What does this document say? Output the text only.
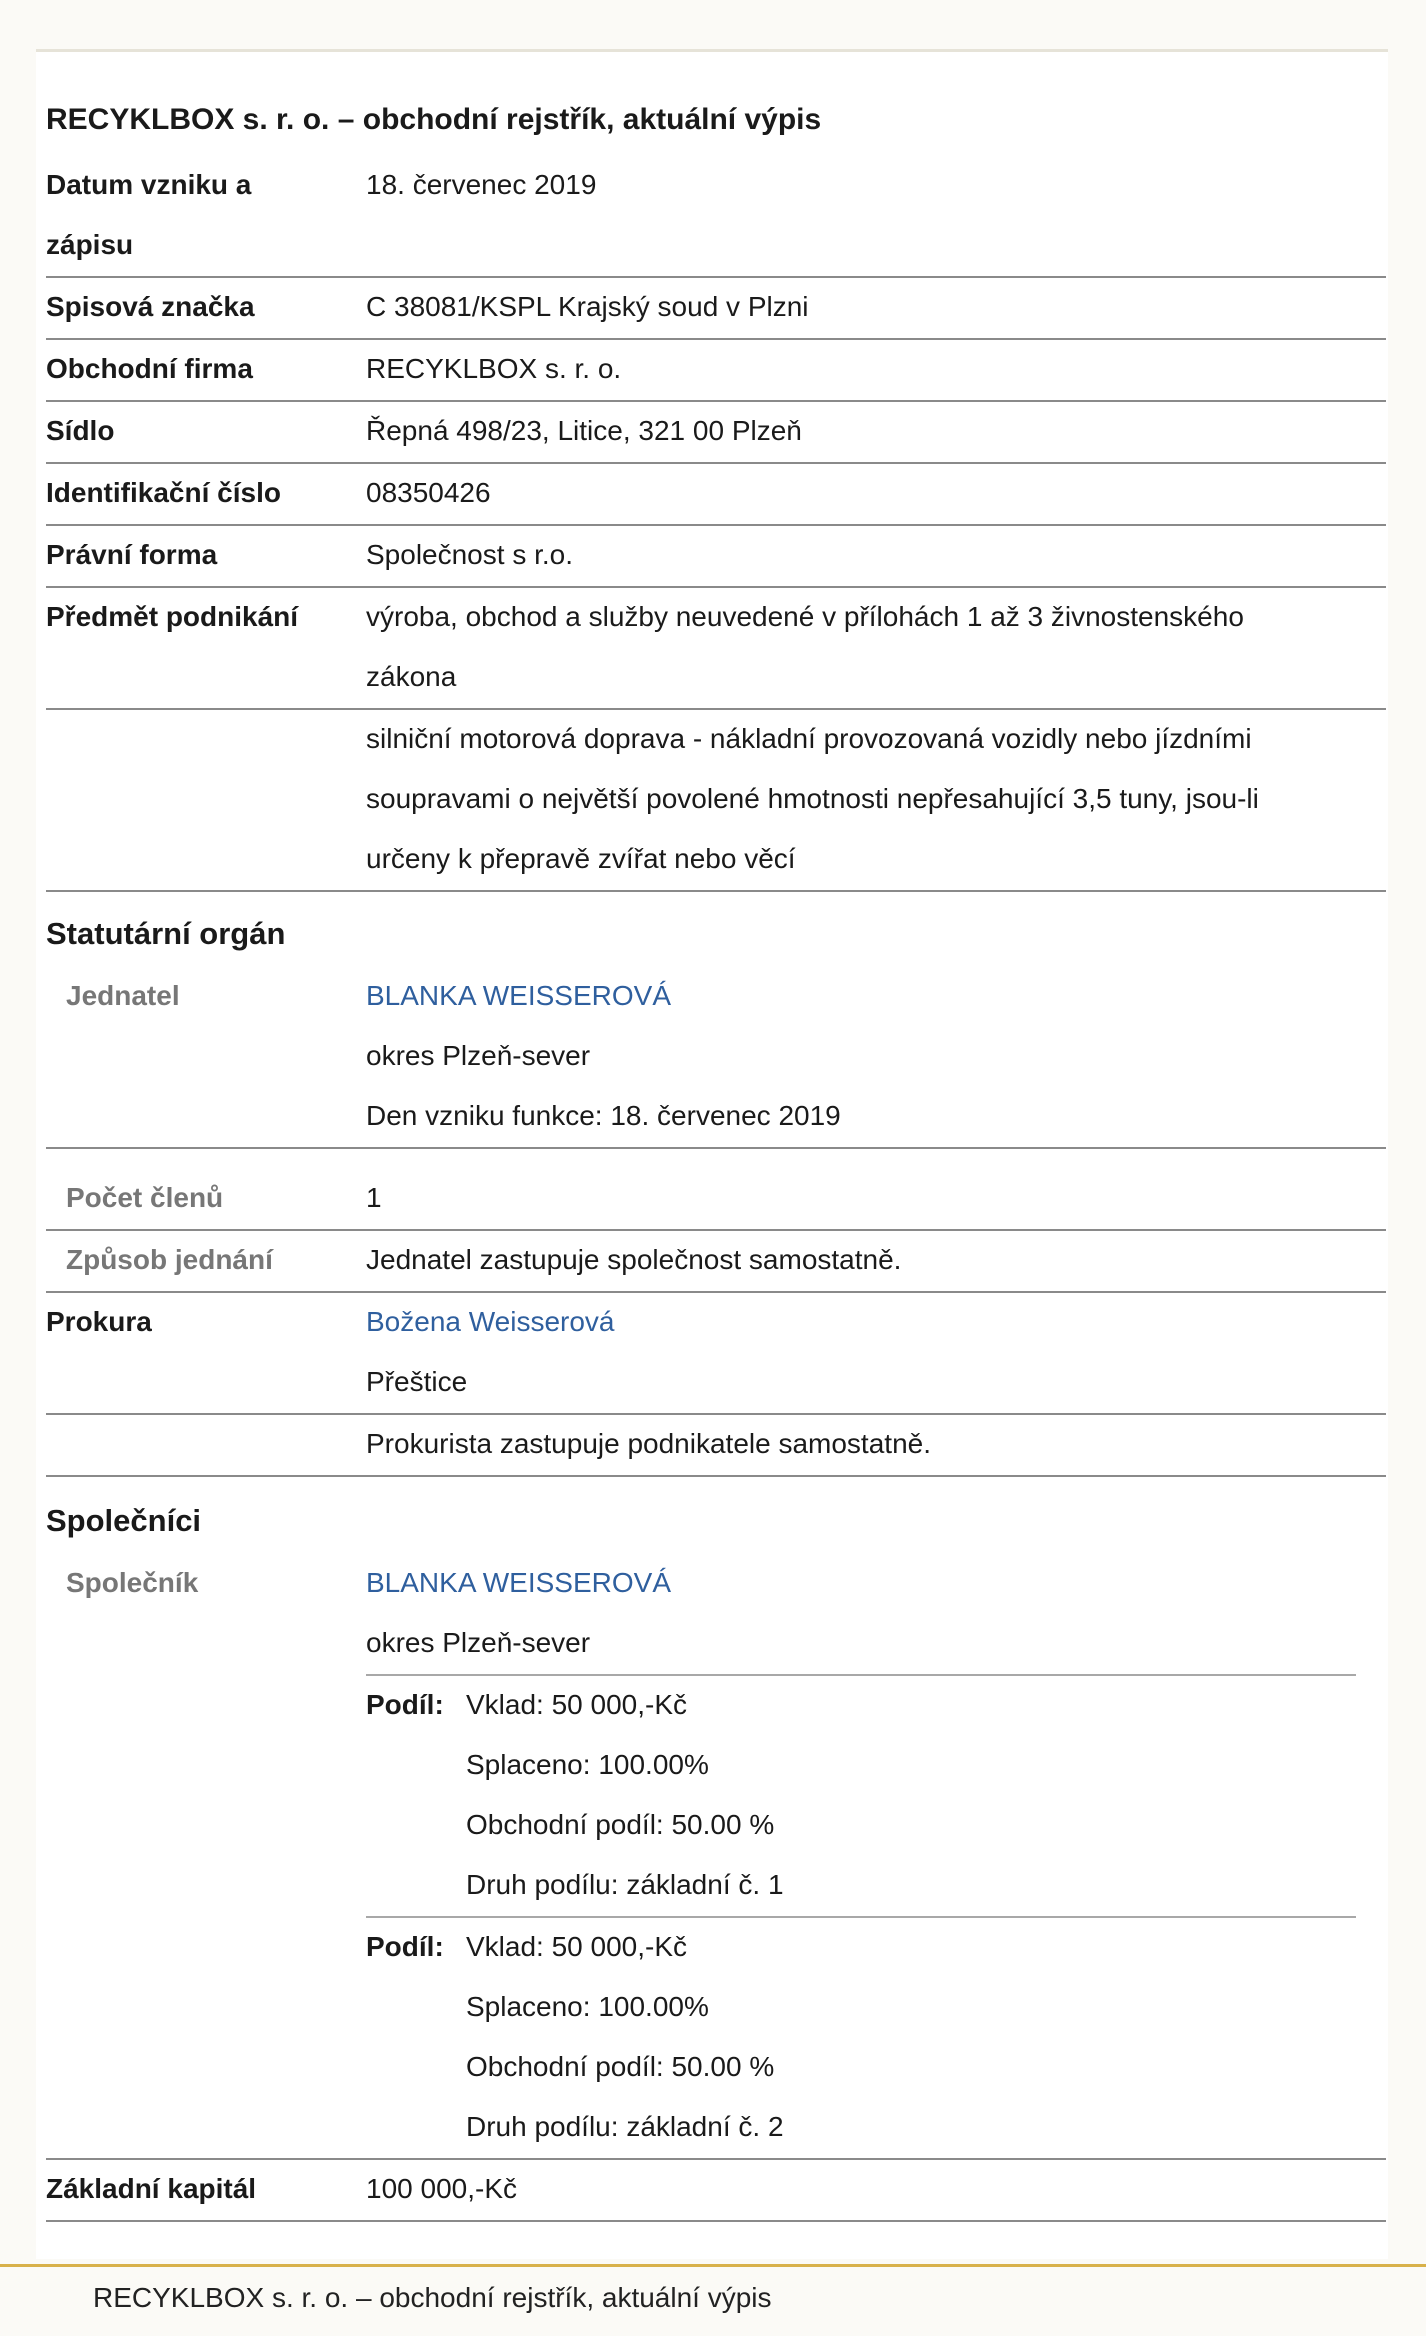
RECYKLBOX s. r. o. – obchodní rejstřík, aktuální výpis
Datum vzniku a
zápisu
18. červenec 2019
Spisová značka	C 38081/KSPL Krajský soud v Plzni
Obchodní firma	RECYKLBOX s. r. o.
Sídlo	Řepná 498/23, Litice, 321 00 Plzeň
Identifikační číslo	08350426
Právní forma	Společnost s r.o.
Předmět podnikání výroba, obchod a služby neuvedené v přílohách 1 až 3 živnostenského
zákona
silniční motorová doprava - nákladní provozovaná vozidly nebo jízdními
soupravami o největší povolené hmotnosti nepřesahující 3,5 tuny, jsou-li
určeny k přepravě zvířat nebo věcí
Statutární orgán
Jednatel	BLANKA WEISSEROVÁ
okres Plzeň-sever
Den vzniku funkce: 18. červenec 2019
Počet členů	1
Způsob jednání	Jednatel zastupuje společnost samostatně.
Prokura	Božena Weisserová
Přeštice
Prokurista zastupuje podnikatele samostatně.
Společníci
Společník	BLANKA WEISSEROVÁ
okres Plzeň-sever
Podíl: Vklad: 50 000,-Kč
Splaceno: 100.00%
Obchodní podíl: 50.00 %
Druh podílu: základní č. 1
Podíl: Vklad: 50 000,-Kč
Splaceno: 100.00%
Obchodní podíl: 50.00 %
Druh podílu: základní č. 2
Základní kapitál	100 000,-Kč
RECYKLBOX s. r. o. – obchodní rejstřík, aktuální výpis
